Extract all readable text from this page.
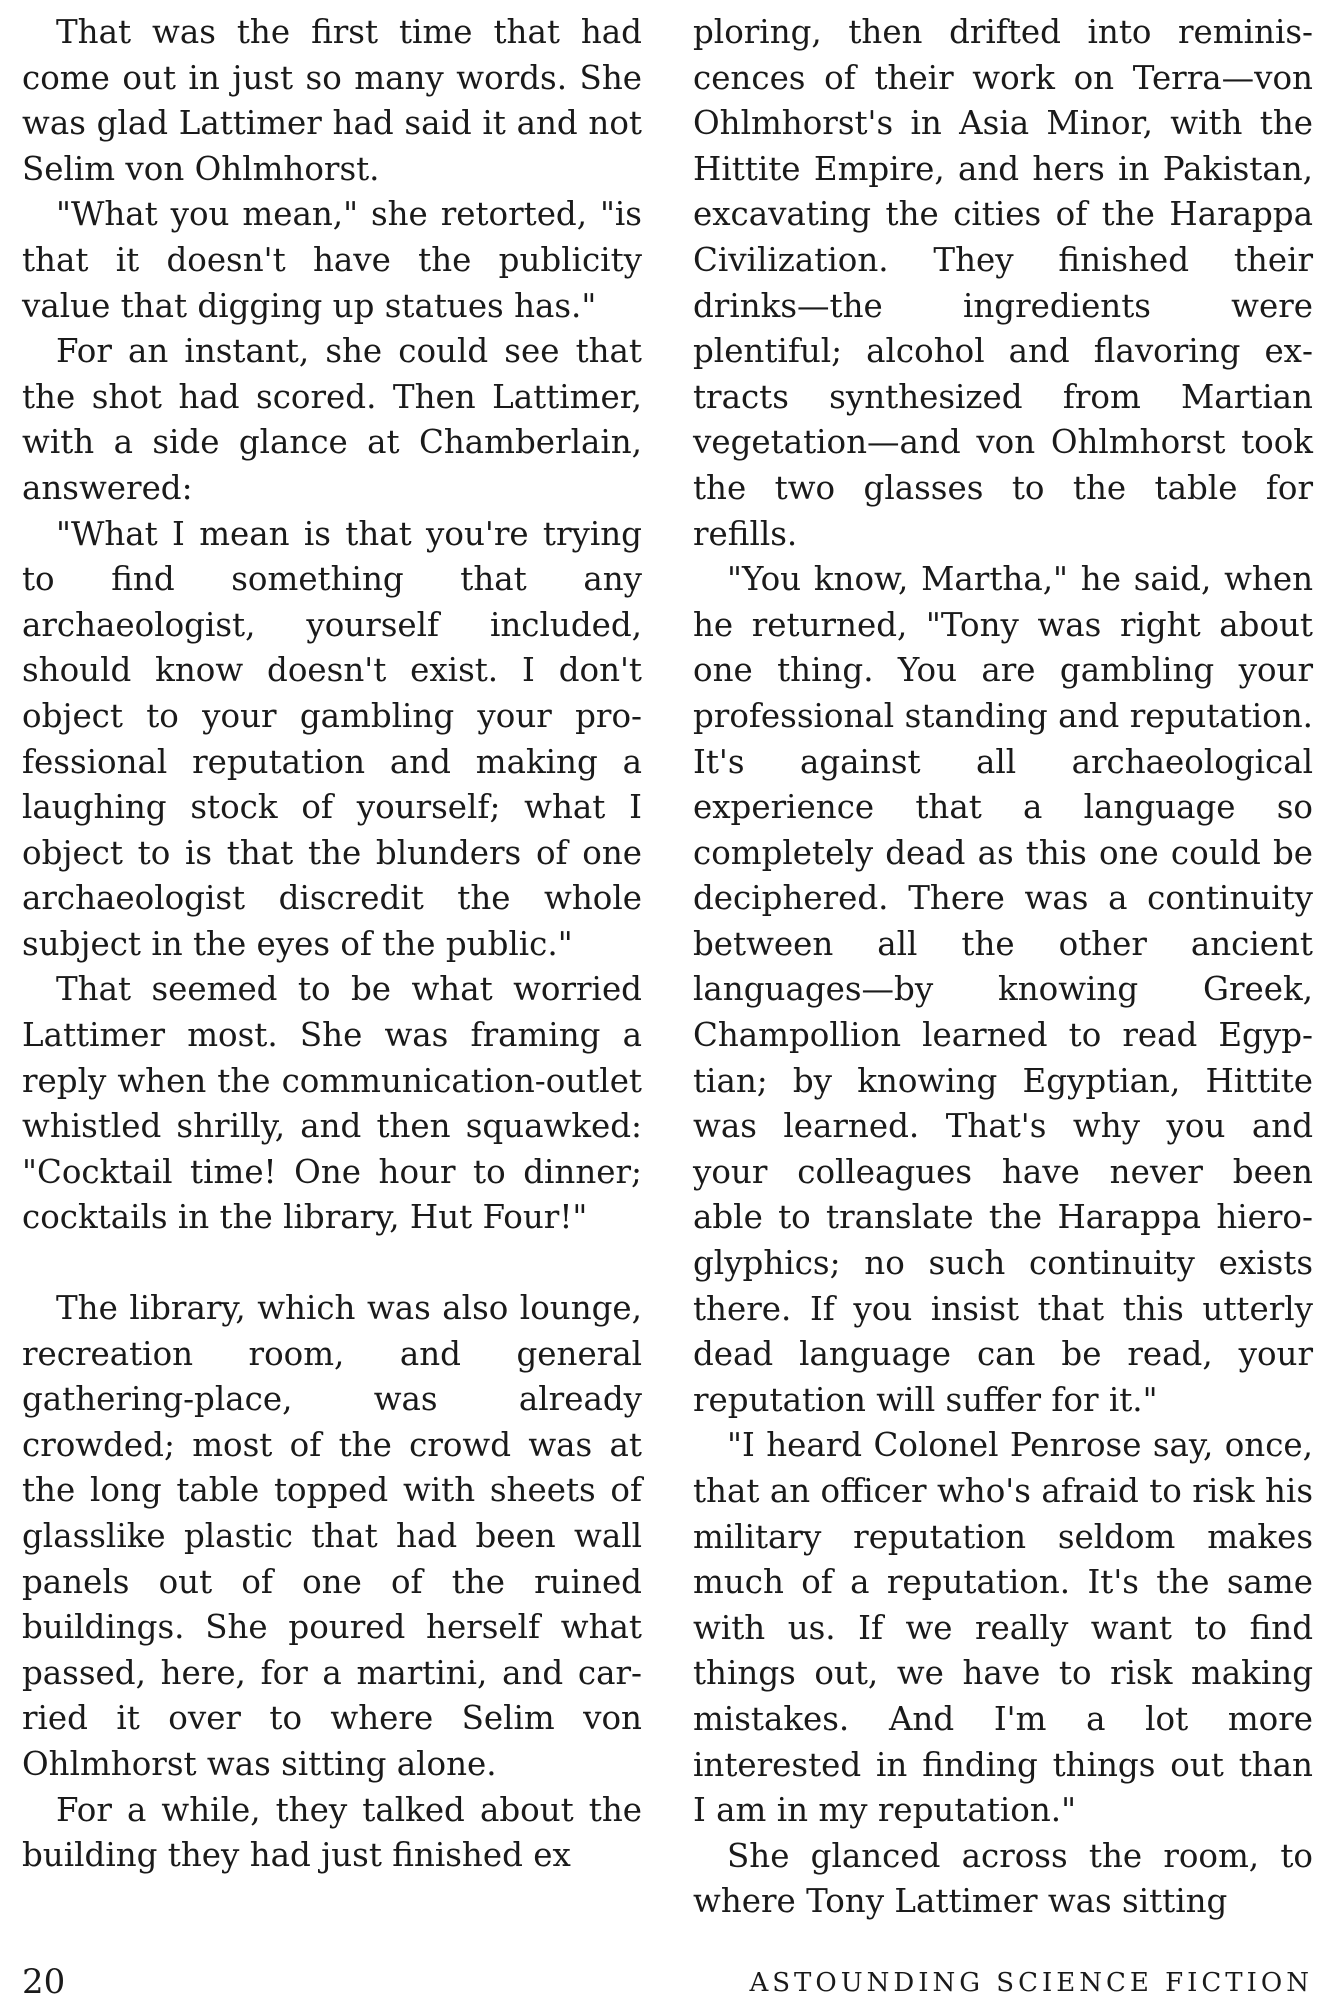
That was the first time that had come out in just so many words. She was glad Lattimer had said it and not Selim von Ohlmhorst.

"What you mean," she retorted, "is that it doesn't have the publicity value that digging up statues has."

For an instant, she could see that the shot had scored. Then Lattimer, with a side glance at Chamberlain, answered:

"What I mean is that you're trying to find something that any archaeologist, yourself included, should know doesn't exist. I don't object to your gambling your professional reputation and making a laughing stock of yourself; what I object to is that the blunders of one archaeologist discredit the whole subject in the eyes of the public."

That seemed to be what worried Lattimer most. She was framing a reply when the communication-outlet whistled shrilly, and then squawked: "Cocktail time! One hour to dinner; cocktails in the library, Hut Four!"

The library, which was also lounge, recreation room, and general gathering-place, was already crowded; most of the crowd was at the long table topped with sheets of glasslike plastic that had been wall panels out of one of the ruined buildings. She poured herself what passed, here, for a martini, and carried it over to where Selim von Ohlmhorst was sitting alone.

For a while, they talked about the building they had just finished ex

ploring, then drifted into reminiscences of their work on Terra—von Ohlmhorst's in Asia Minor, with the Hittite Empire, and hers in Pakistan, excavating the cities of the Harappa Civilization. They finished their drinks—the ingredients were plentiful; alcohol and flavoring extracts synthesized from Martian vegetation—and von Ohlmhorst took the two glasses to the table for refills.

"You know, Martha," he said, when he returned, "Tony was right about one thing. You are gambling your professional standing and reputation. It's against all archaeological experience that a language so completely dead as this one could be deciphered. There was a continuity between all the other ancient languages—by knowing Greek, Champollion learned to read Egyptian; by knowing Egyptian, Hittite was learned. That's why you and your colleagues have never been able to translate the Harappa hieroglyphics; no such continuity exists there. If you insist that this utterly dead language can be read, your reputation will suffer for it."

"I heard Colonel Penrose say, once, that an officer who's afraid to risk his military reputation seldom makes much of a reputation. It's the same with us. If we really want to find things out, we have to risk making mistakes. And I'm a lot more interested in finding things out than I am in my reputation."

She glanced across the room, to where Tony Lattimer was sitting

20	ASTOUNDING SCIENCE FICTION
